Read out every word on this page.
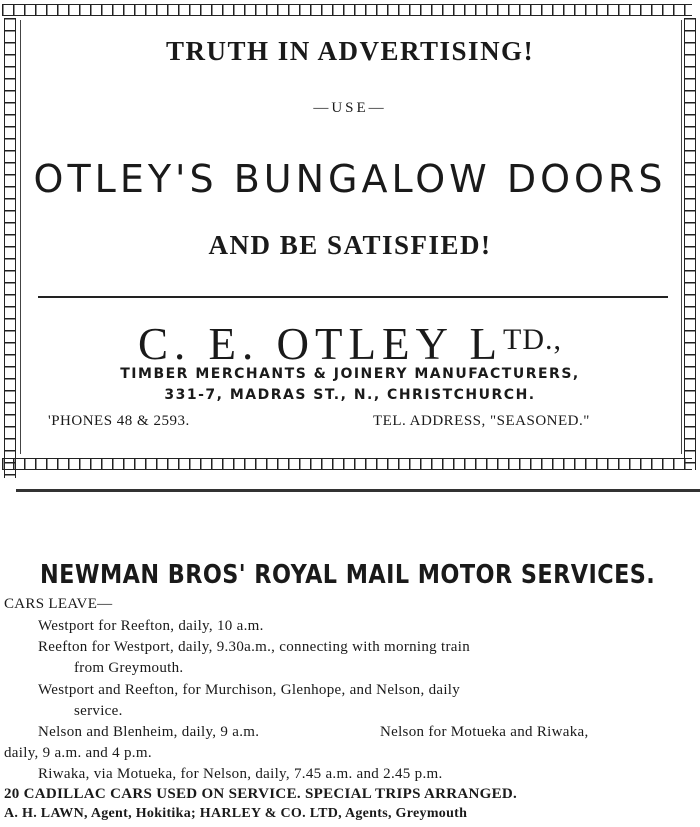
TRUTH IN ADVERTISING!
—USE—
OTLEY'S BUNGALOW DOORS
AND BE SATISFIED!
C. E. OTLEY $L^{TD.,}$
TIMBER MERCHANTS & JOINERY MANUFACTURERS,
331-7, MADRAS ST., N., CHRISTCHURCH.
'PHONES 48 & 2593.	TEL. ADDRESS, "SEASONED."
NEWMAN BROS' ROYAL MAIL MOTOR SERVICES.
CARS LEAVE—
Westport for Reefton, daily, 10 a.m.
Reefton for Westport, daily, 9.30a.m., connecting with morning train
from Greymouth.
Westport and Reefton, for Murchison, Glenhope, and Nelson, daily
service.
Nelson and Blenheim, daily, 9 a.m.	Nelson for Motueka and Riwaka,
daily, 9 a.m. and 4 p.m.
Riwaka, via Motueka, for Nelson, daily, 7.45 a.m. and 2.45 p.m.
20 CADILLAC CARS USED ON SERVICE. SPECIAL TRIPS ARRANGED.
A. H. LAWN, Agent, Hokitika; HARLEY & CO. LTD, Agents, Greymouth
